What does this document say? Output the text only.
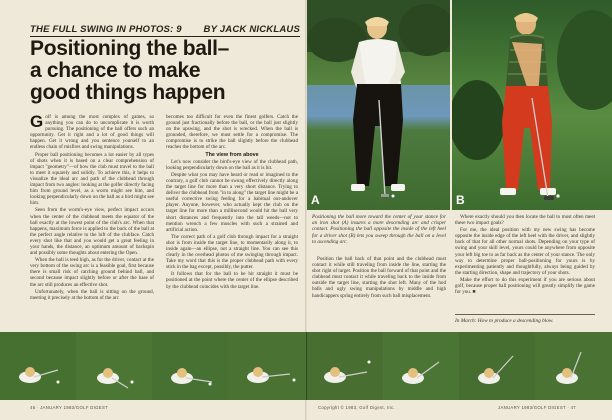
THE FULL SWING IN PHOTOS: 9 BY JACK NICKLAUS
Positioning the ball–
a chance to make
good things happen

Golf is among the most complex of games, so anything you can do to uncomplicate it is worth pursuing. The positioning of the ball offers such an opportunity. Get it right and a lot of good things will happen. Get it wrong and you sentence yourself to an endless chain of misfires and swing manipulations.

Proper ball positioning becomes a lot easier by all types of shots when it is based on a clear comprehension of impact "geometry"—of how the club must travel to the ball to meet it squarely and solidly. To achieve this, it helps to visualize the ideal arc and path of the clubhead through impact from two angles: looking at the golfer directly facing him from ground level, as a worm might see him, and looking perpendicularly down on the ball as a bird might see him.

Seen from the worm's-eye view, perfect impact occurs when the center of the clubhead meets the equator of the ball exactly at the lowest point of the club's arc. When that happens, maximum force is applied to the back of the ball at the perfect angle relative to the loft of the clubface. Catch every shot like that and you would get a great feeling in your hands, the distance, an optimum amount of backspin and possibly some thoughts about entering the Open.

When the ball is teed high, as for the driver, contact at the very bottom of the swing arc is a feasible goal, first because there is small risk of catching ground behind ball, and second because impact slightly before or after the base of the arc still produces an effective shot.

Unfortunately, when the ball is sitting on the ground, meeting it precisely at the bottom of the arc

becomes too difficult for even the finest golfers. Catch the ground just fractionally before the ball, or the ball just slightly on the upswing, and the shot is wrecked. When the ball is grounded, therefore, we must settle for a compromise. The compromise is to strike the ball slightly before the clubhead reaches the bottom of the arc.

The view from above

Let's now consider the bird's-eye view of the clubhead path, looking perpendicularly down on the ball as it is hit.

Despite what you may have heard or read or imagined to the contrary, a golf club cannot be swung effectively directly along the target line for more than a very short distance. Trying to deliver the clubhead from "in to along" the target line might be a useful corrective swing feeling for a habitual out-andover player. Anyone, however, who actually kept the club on the target line for more than a millisecond would hit the ball very short distances and frequently into the tall weeds—not to mention wrench a few muscles with such a strained and artificial action.

The correct path of a golf club through impact for a straight shot is from inside the target line, to momentarily along it, to inside again—an ellipse, not a straight line. You can see this clearly in the overhead photos of me swinging through impact. Take my word that this is the proper clubhead path with every stick in the bag except, possibly, the putter.

It follows that for the ball to be hit straight it must be positioned at the point where the center of the ellipse described by the clubhead coincides with the target line.

A	B
Positioning the ball more toward the center of your stance for an iron shot (A) insures a more descending arc and crisper contact. Positioning the ball opposite the inside of the left heel for a driver shot (B) lets you sweep through the ball on a level to ascending arc.

Position the ball back of that point and the clubhead must contact it while still traveling from inside the line, starting the shot right of target. Position the ball forward of that point and the clubhead must contact it while traveling back to the inside from outside the target line, starting the shot left. Many of the hod balls and ugly swing manipulations by middle and high handicappers spring entirely from such ball misplacement.

Where exactly should you then locate the ball to most often meet these two impact goals?

For me, the ideal position with my new swing has become opposite the inside edge of the left heel with the driver, and slightly back of that for all other normal shots. Depending on your type of swing and your skill level, yours could be anywhere from opposite your left big toe to as far back as the center of your stance. The only way to determine proper ball-positioning for yours is by experimenting patiently and thoughtfully, always being guided by the starting direction, shape and trajectory of your shots.

Make the effort to do this experiment if you are serious about golf, because proper ball positioning will greatly simplify the game for you. ■

In March: How to produce a descending blow.
46 · JANUARY 1983/GOLF DIGEST	Copyright © 1983, Golf Digest, Inc.	JANUARY 1983/GOLF DIGEST · 47
